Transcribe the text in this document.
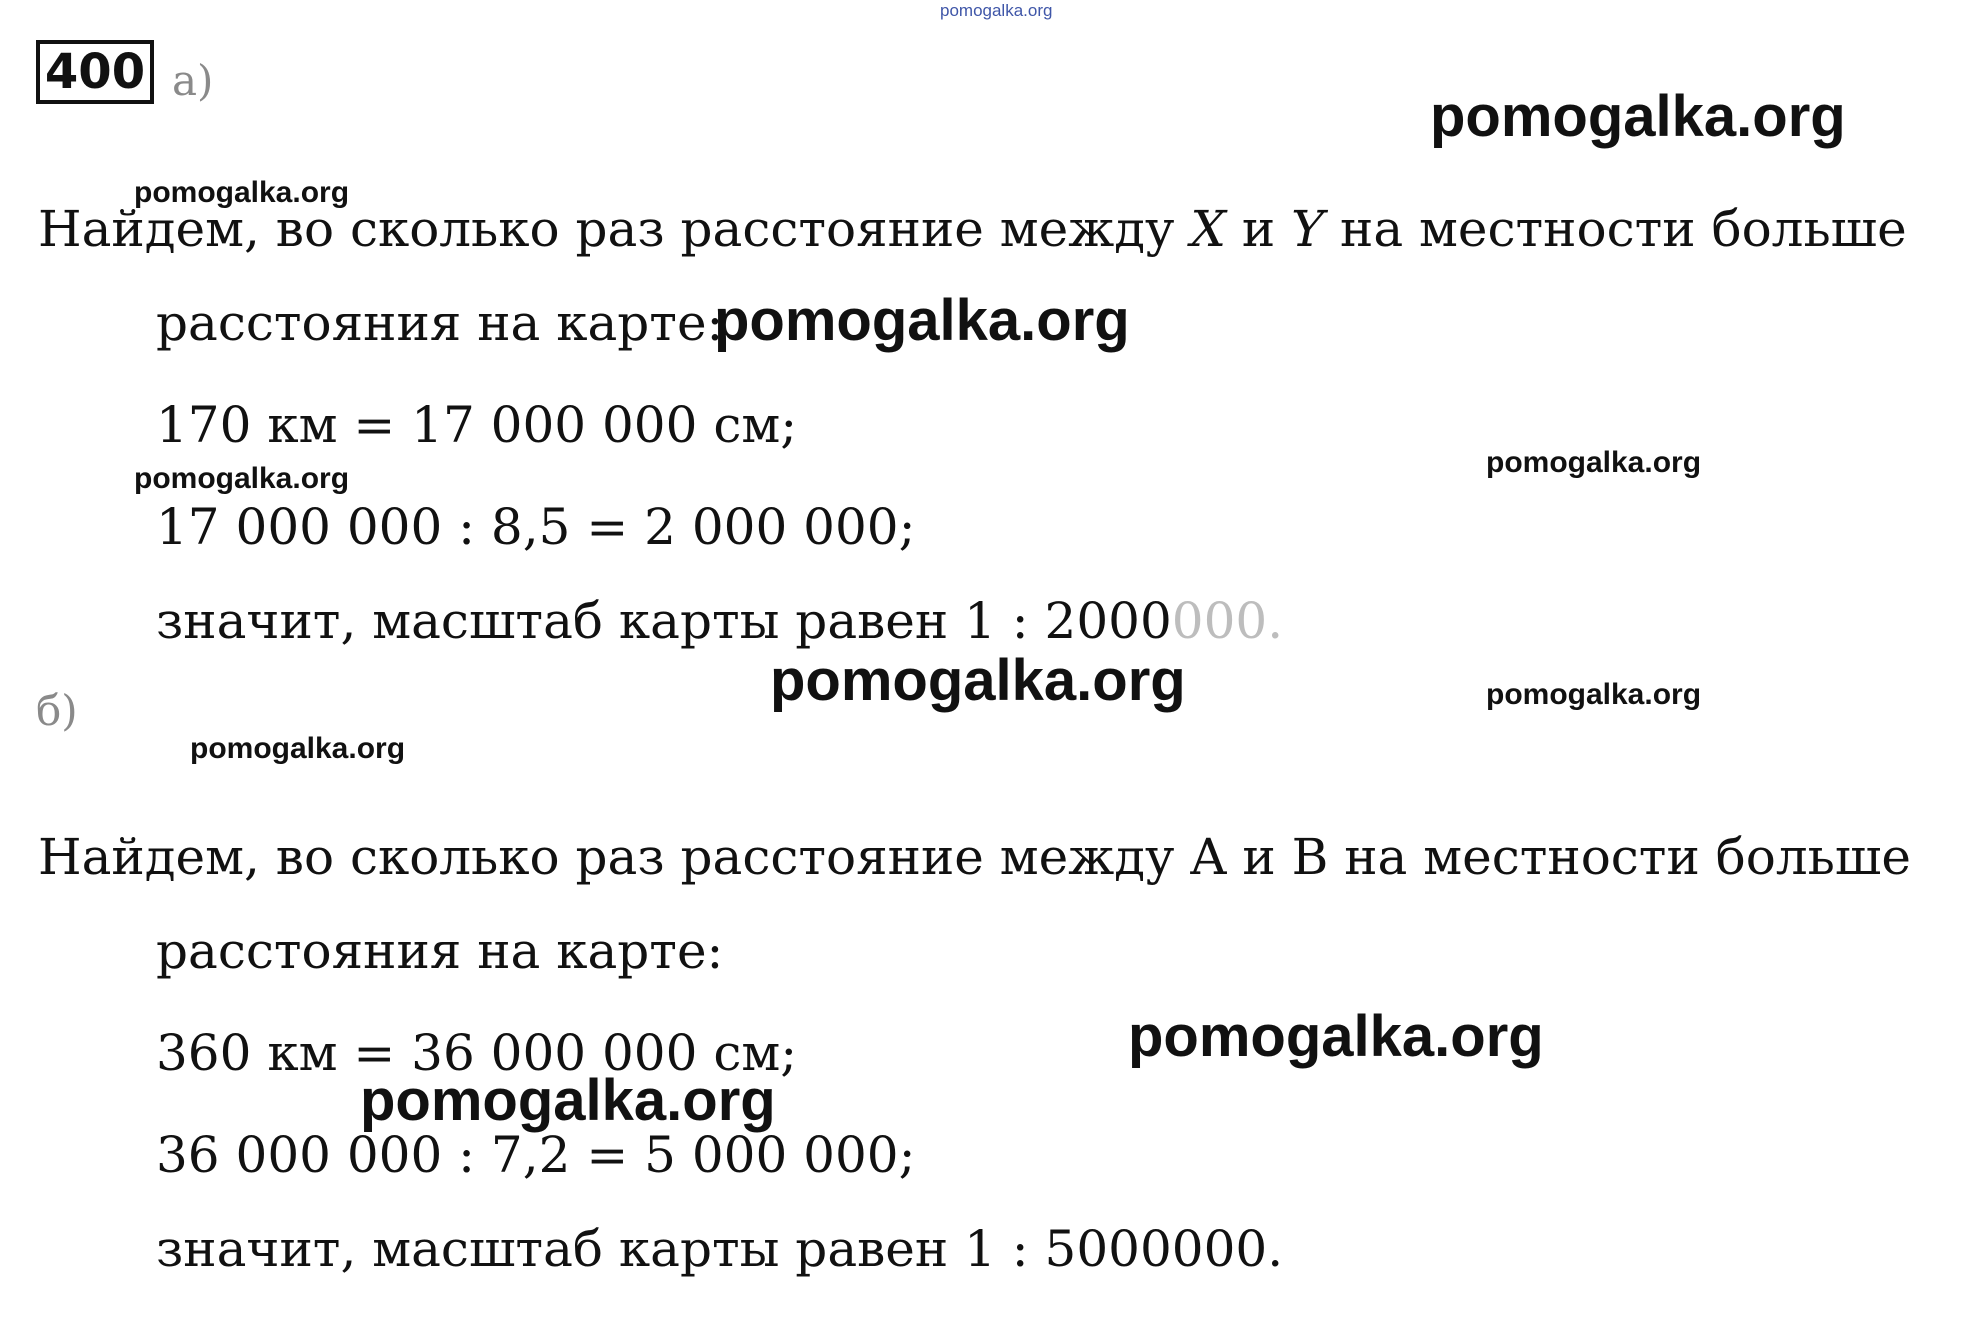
pomogalka.org
400 а)
Найдем, во сколько раз расстояние между X и Y на местности больше
расстояния на карте:
170 км = 17 000 000 см;
17 000 000 : 8,5 = 2 000 000;
значит, масштаб карты равен 1 : 2000000.
б)
Найдем, во сколько раз расстояние между A и B на местности больше
расстояния на карте:
360 км = 36 000 000 см;
36 000 000 : 7,2 = 5 000 000;
значит, масштаб карты равен 1 : 5000000.
pomogalka.org
pomogalka.org
pomogalka.org
pomogalka.org
pomogalka.org
pomogalka.org	pomogalka.org
pomogalka.org
pomogalka.org
pomogalka.org
